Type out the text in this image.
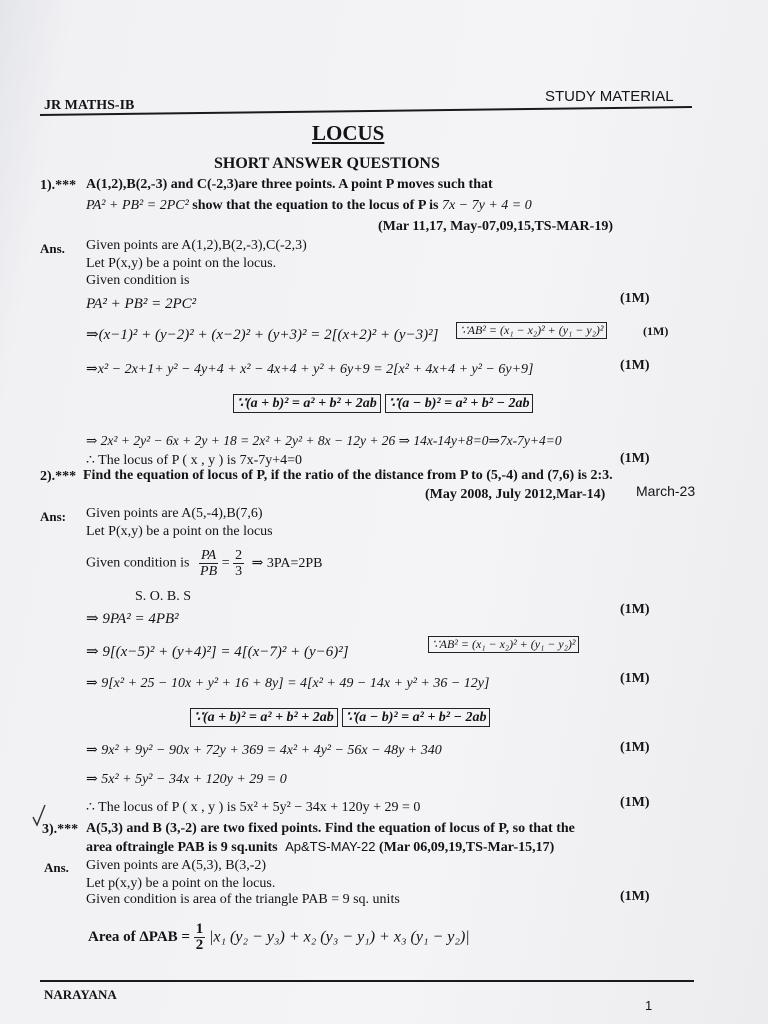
JR MATHS-IB
STUDY MATERIAL
LOCUS
SHORT ANSWER QUESTIONS
1).*** A(1,2),B(2,-3) and C(-2,3)are three points. A point P moves such that
PA² + PB² = 2PC² show that the equation to the locus of P is 7x − 7y + 4 = 0
(Mar 11,17, May-07,09,15,TS-MAR-19)
Ans. Given points are A(1,2),B(2,-3),C(-2,3)
Let P(x,y) be a point on the locus.
Given condition is
PA² + PB² = 2PC²	(1M)
⇒(x−1)² + (y−2)² + (x−2)² + (y+3)² = 2[(x+2)² + (y−3)²]	∵AB² = (x₁ − x₂)² + (y₁ − y₂)²	(1M)
⇒x² − 2x+1+ y² − 4y+4 + x² − 4x+4 + y² + 6y+9 = 2[x² + 4x+4 + y² − 6y+9]	(1M)
∵(a + b)² = a² + b² + 2ab ∵(a − b)² = a² + b² − 2ab
⇒ 2x² + 2y² − 6x + 2y + 18 = 2x² + 2y² + 8x − 12y + 26 ⇒ 14x-14y+8=0⇒7x-7y+4=0
∴ The locus of P ( x , y ) is 7x-7y+4=0	(1M)
2).*** Find the equation of locus of P, if the ratio of the distance from P to (5,-4) and (7,6) is 2:3.
(May 2008, July 2012,Mar-14) March-23
Ans: Given points are A(5,-4),B(7,6)
Let P(x,y) be a point on the locus
Given condition is $\frac{PA}{PB} = \frac{2}{3}$ ⇒ 3PA=2PB
S. O. B. S
(1M)
⇒ 9PA² = 4PB²
⇒ 9[(x−5)² + (y+4)²] = 4[(x−7)² + (y−6)²]	∵AB² = (x₁ − x₂)² + (y₁ − y₂)²
⇒ 9[x² + 25 − 10x + y² + 16 + 8y] = 4[x² + 49 − 14x + y² + 36 − 12y]	(1M)
∵(a + b)² = a² + b² + 2ab ∵(a − b)² = a² + b² − 2ab
⇒ 9x² + 9y² − 90x + 72y + 369 = 4x² + 4y² − 56x − 48y + 340	(1M)
⇒ 5x² + 5y² − 34x + 120y + 29 = 0
∴ The locus of P ( x , y ) is 5x² + 5y² − 34x + 120y + 29 = 0	(1M)
3).*** A(5,3) and B (3,-2) are two fixed points. Find the equation of locus of P, so that the
area oftraingle PAB is 9 sq.units Ap&TS-MAY-22 (Mar 06,09,19,TS-Mar-15,17)
Ans. Given points are A(5,3), B(3,-2)
Let p(x,y) be a point on the locus.
Given condition is area of the triangle PAB = 9 sq. units	(1M)
Area of $\Delta PAB = \frac{1}{2} |x_1$ (y₂ − y₃) + x₂ (y₃ − y₁) + x₃ (y₁ − y₂)|
NARAYANA
1
